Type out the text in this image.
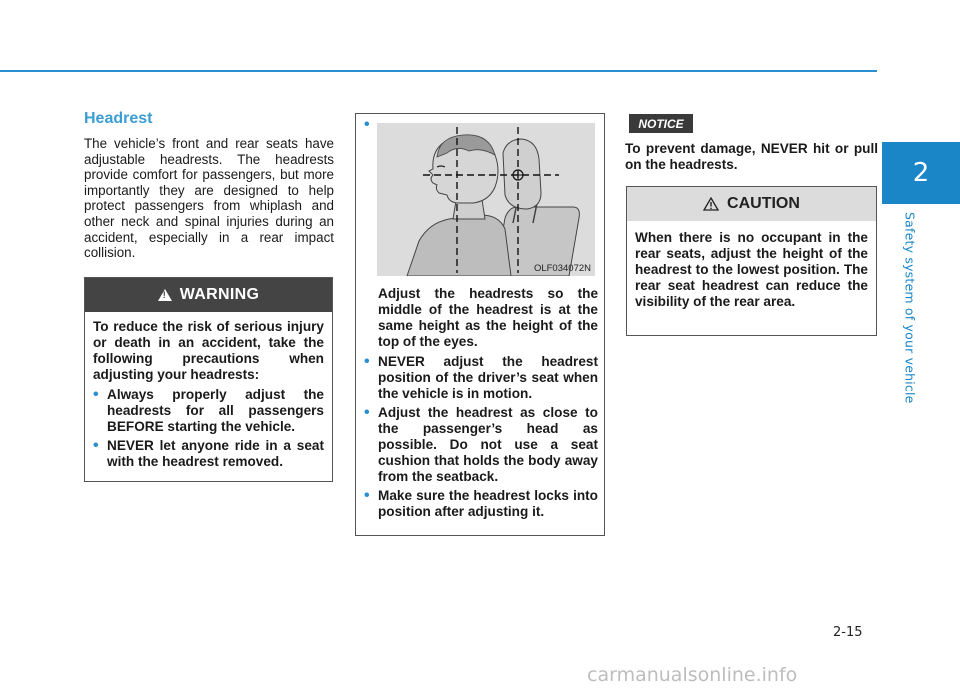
2
Safety system of your vehicle
Headrest

The vehicle’s front and rear seats have adjustable headrests. The headrests provide comfort for passengers, but more importantly they are designed to help protect passengers from whiplash and other neck and spinal injuries during an accident, especially in a rear impact collision.

!
WARNING

To reduce the risk of serious injury or death in an accident, take the following precautions when adjusting your headrests:

• Always properly adjust the headrests for all passengers BEFORE starting the vehicle.
• NEVER let anyone ride in a seat with the headrest removed.
•
OLF034072N

Adjust the headrests so the middle of the headrest is at the same height as the height of the top of the eyes.

• NEVER adjust the headrest position of the driver’s seat when the vehicle is in motion.
• Adjust the headrest as close to the passenger’s head as possible. Do not use a seat cushion that holds the body away from the seatback.
• Make sure the headrest locks into position after adjusting it.
NOTICE

To prevent damage, NEVER hit or pull on the headrests.

CAUTION

When there is no occupant in the rear seats, adjust the height of the headrest to the lowest position. The rear seat headrest can reduce the visibility of the rear area.

2-15
carmanualsonline.info
